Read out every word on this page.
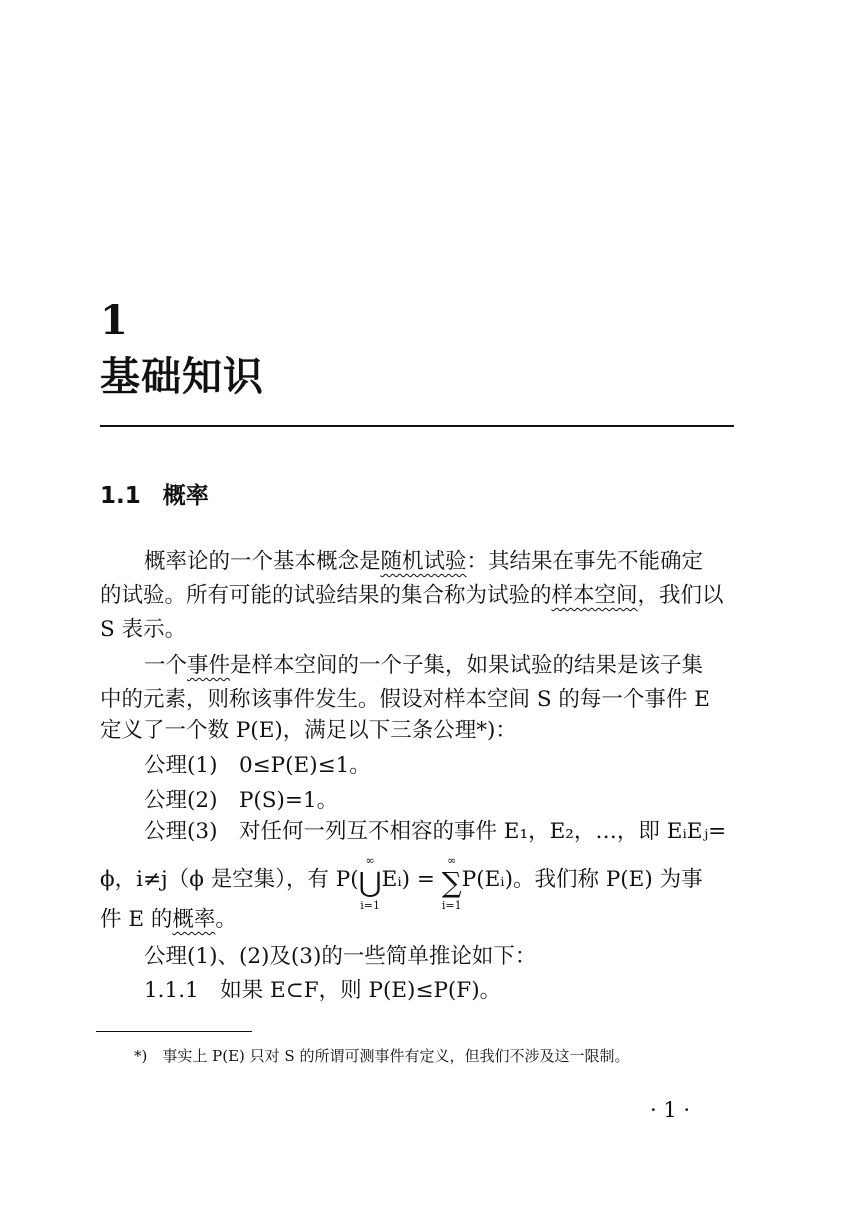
1
基础知识
1.1 概率
概率论的一个基本概念是随机试验：其结果在事先不能确定
的试验。所有可能的试验结果的集合称为试验的样本空间，我们以
S 表示。
一个事件是样本空间的一个子集，如果试验的结果是该子集
中的元素，则称该事件发生。假设对样本空间 S 的每一个事件 E
定义了一个数 P(E)，满足以下三条公理*)：
公理(1)　0≤P(E)≤1。
公理(2)　P(S)=1。
公理(3)　对任何一列互不相容的事件 E₁，E₂，…，即 EᵢEⱼ=
ϕ，i≠j（ϕ 是空集），有 P(
∞
⋃
i=1
Eᵢ) =
∞
∑
i=1
P(Eᵢ)。我们称 P(E) 为事
件 E 的概率。
公理(1)、(2)及(3)的一些简单推论如下：
1.1.1　如果 E⊂F，则 P(E)≤P(F)。
*)　事实上 P(E) 只对 S 的所谓可测事件有定义，但我们不涉及这一限制。
· 1 ·
